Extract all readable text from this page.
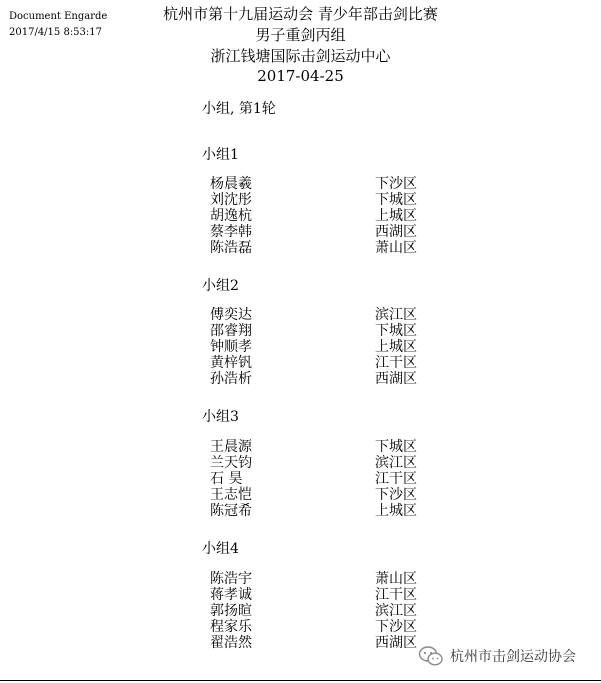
Document Engarde
2017/4/15 8:53:17
杭州市第十九届运动会 青少年部击剑比赛
男子重剑丙组
浙江钱塘国际击剑运动中心
2017-04-25
小组, 第1轮
小组1
杨晨羲	下沙区
刘沈彤	下城区
胡逸杭	上城区
蔡李韩	西湖区
陈浩磊	萧山区
小组2
傅奕达	滨江区
邵睿翔	下城区
钟顺孝	上城区
黄梓钒	江干区
孙浩析	西湖区
小组3
王晨源	下城区
兰天钧	滨江区
石 昊	江干区
王志恺	下沙区
陈冠希	上城区
小组4
陈浩宇	萧山区
蒋孝诚	江干区
郭扬暄	滨江区
程家乐	下沙区
翟浩然	西湖区
杭州市击剑运动协会
